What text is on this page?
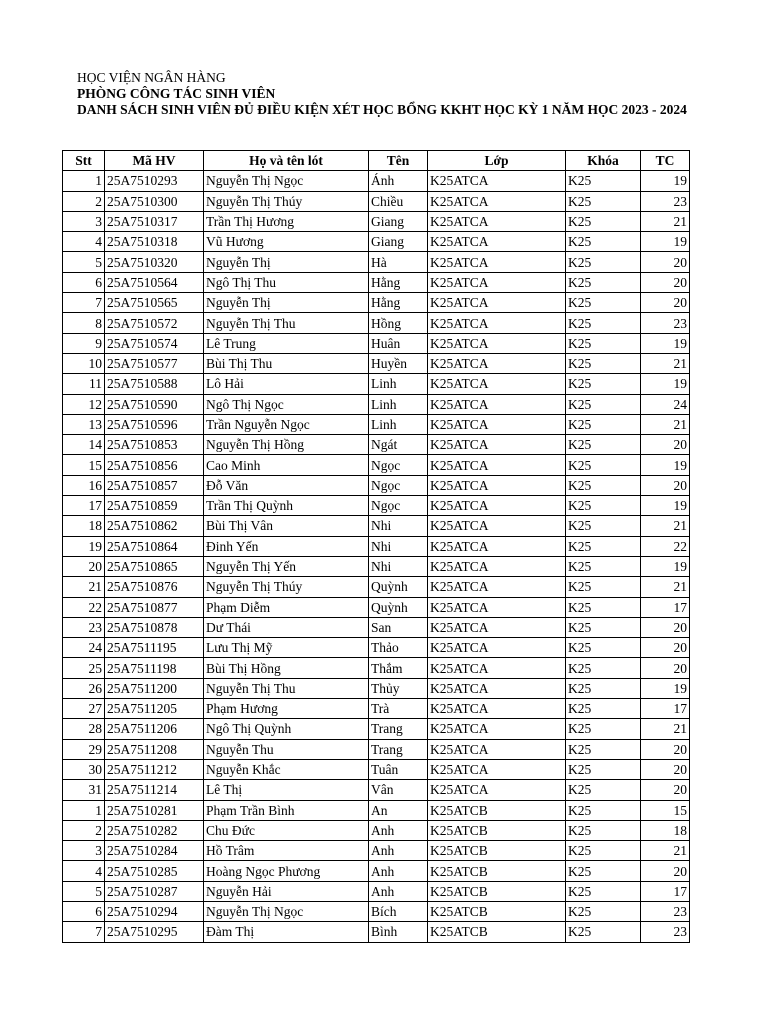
HỌC VIỆN NGÂN HÀNG
PHÒNG CÔNG TÁC SINH VIÊN
DANH SÁCH SINH VIÊN ĐỦ ĐIỀU KIỆN XÉT HỌC BỔNG KKHT HỌC KỲ 1 NĂM HỌC 2023 - 2024
Stt	Mã HV	Họ và tên lót	Tên	Lớp	Khóa	TC
1	25A7510293	Nguyễn Thị Ngọc	Ánh	K25ATCA	K25	19
2	25A7510300	Nguyễn Thị Thúy	Chiều	K25ATCA	K25	23
3	25A7510317	Trần Thị Hương	Giang	K25ATCA	K25	21
4	25A7510318	Vũ Hương	Giang	K25ATCA	K25	19
5	25A7510320	Nguyễn Thị	Hà	K25ATCA	K25	20
6	25A7510564	Ngô Thị Thu	Hằng	K25ATCA	K25	20
7	25A7510565	Nguyễn Thị	Hằng	K25ATCA	K25	20
8	25A7510572	Nguyễn Thị Thu	Hồng	K25ATCA	K25	23
9	25A7510574	Lê Trung	Huân	K25ATCA	K25	19
10	25A7510577	Bùi Thị Thu	Huyền	K25ATCA	K25	21
11	25A7510588	Lô Hải	Linh	K25ATCA	K25	19
12	25A7510590	Ngô Thị Ngọc	Linh	K25ATCA	K25	24
13	25A7510596	Trần Nguyễn Ngọc	Linh	K25ATCA	K25	21
14	25A7510853	Nguyễn Thị Hồng	Ngát	K25ATCA	K25	20
15	25A7510856	Cao Minh	Ngọc	K25ATCA	K25	19
16	25A7510857	Đỗ Văn	Ngọc	K25ATCA	K25	20
17	25A7510859	Trần Thị Quỳnh	Ngọc	K25ATCA	K25	19
18	25A7510862	Bùi Thị Vân	Nhi	K25ATCA	K25	21
19	25A7510864	Đinh Yến	Nhi	K25ATCA	K25	22
20	25A7510865	Nguyễn Thị Yến	Nhi	K25ATCA	K25	19
21	25A7510876	Nguyễn Thị Thúy	Quỳnh	K25ATCA	K25	21
22	25A7510877	Phạm Diễm	Quỳnh	K25ATCA	K25	17
23	25A7510878	Dư Thái	San	K25ATCA	K25	20
24	25A7511195	Lưu Thị Mỹ	Thảo	K25ATCA	K25	20
25	25A7511198	Bùi Thị Hồng	Thắm	K25ATCA	K25	20
26	25A7511200	Nguyễn Thị Thu	Thủy	K25ATCA	K25	19
27	25A7511205	Phạm Hương	Trà	K25ATCA	K25	17
28	25A7511206	Ngô Thị Quỳnh	Trang	K25ATCA	K25	21
29	25A7511208	Nguyễn Thu	Trang	K25ATCA	K25	20
30	25A7511212	Nguyễn Khắc	Tuân	K25ATCA	K25	20
31	25A7511214	Lê Thị	Vân	K25ATCA	K25	20
1	25A7510281	Phạm Trần Bình	An	K25ATCB	K25	15
2	25A7510282	Chu Đức	Anh	K25ATCB	K25	18
3	25A7510284	Hồ Trâm	Anh	K25ATCB	K25	21
4	25A7510285	Hoàng Ngọc Phương	Anh	K25ATCB	K25	20
5	25A7510287	Nguyễn Hải	Anh	K25ATCB	K25	17
6	25A7510294	Nguyễn Thị Ngọc	Bích	K25ATCB	K25	23
7	25A7510295	Đàm Thị	Bình	K25ATCB	K25	23
